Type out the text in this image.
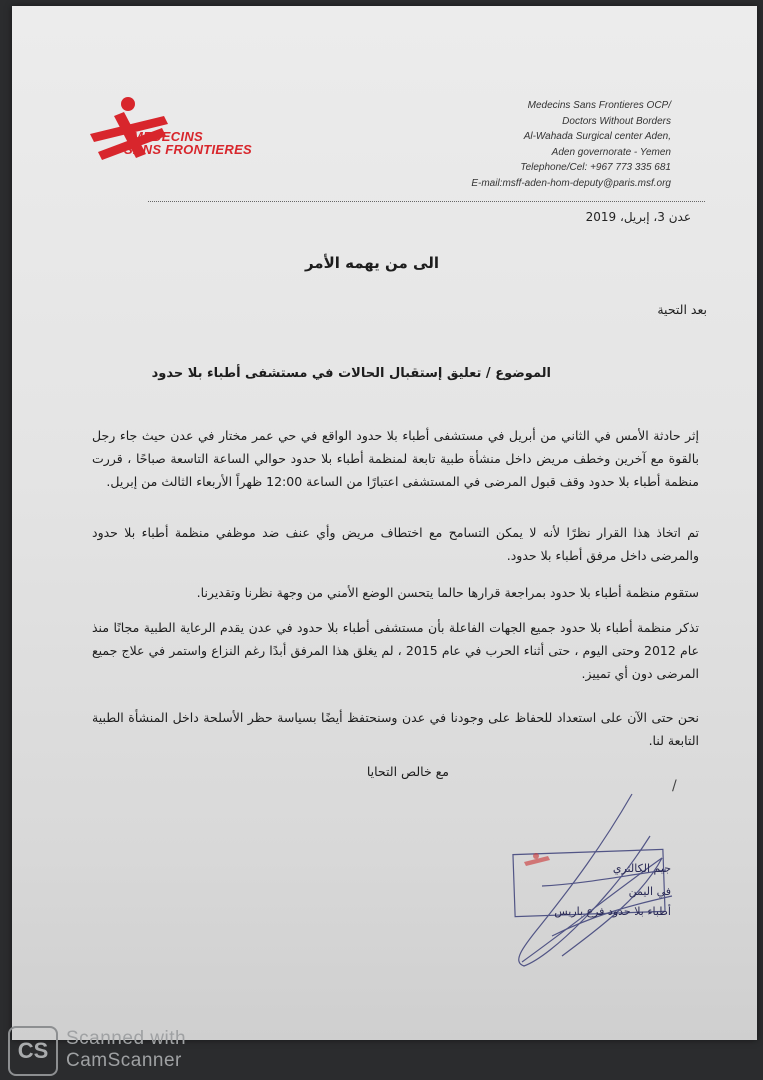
MEDECINS
SANS FRONTIERES
Medecins Sans Frontieres OCP/
Doctors Without Borders
Al-Wahada Surgical center Aden,
Aden governorate - Yemen
Telephone/Cel: +967 773 335 681
E-mail:msff-aden-hom-deputy@paris.msf.org
عدن 3، إبريل، 2019
الى من يهمه الأمر
بعد التحية
الموضوع / تعليق إستقبال الحالات في مستشفى أطباء بلا حدود
إثر حادثة الأمس في الثاني من أبريل في مستشفى أطباء بلا حدود الواقع في حي عمر مختار في عدن حيث جاء رجل بالقوة مع آخرين وخطف مريض داخل منشأة طبية تابعة لمنظمة أطباء بلا حدود حوالي الساعة التاسعة صباحًا ، قررت منظمة أطباء بلا حدود وقف قبول المرضى في المستشفى اعتبارًا من الساعة 12:00 ظهراً الأربعاء الثالث من إبريل.
تم اتخاذ هذا القرار نظرًا لأنه لا يمكن التسامح مع اختطاف مريض وأي عنف ضد موظفي منظمة أطباء بلا حدود والمرضى داخل مرفق أطباء بلا حدود.
ستقوم منظمة أطباء بلا حدود بمراجعة قرارها حالما يتحسن الوضع الأمني من وجهة نظرنا وتقديرنا.
تذكر منظمة أطباء بلا حدود جميع الجهات الفاعلة بأن مستشفى أطباء بلا حدود في عدن يقدم الرعاية الطبية مجانًا منذ عام 2012 وحتى اليوم ، حتى أثناء الحرب في عام 2015 ، لم يغلق هذا المرفق أبدًا رغم النزاع واستمر في علاج جميع المرضى دون أي تمييز.
نحن حتى الآن على استعداد للحفاظ على وجودنا في عدن وسنحتفظ أيضًا بسياسة حظر الأسلحة داخل المنشأة الطبية التابعة لنا.
مع خالص التحايا
/
جيم الكالتري
في اليمن
أطباء بلا حدود فرع باريس
CS Scanned with
CamScanner
